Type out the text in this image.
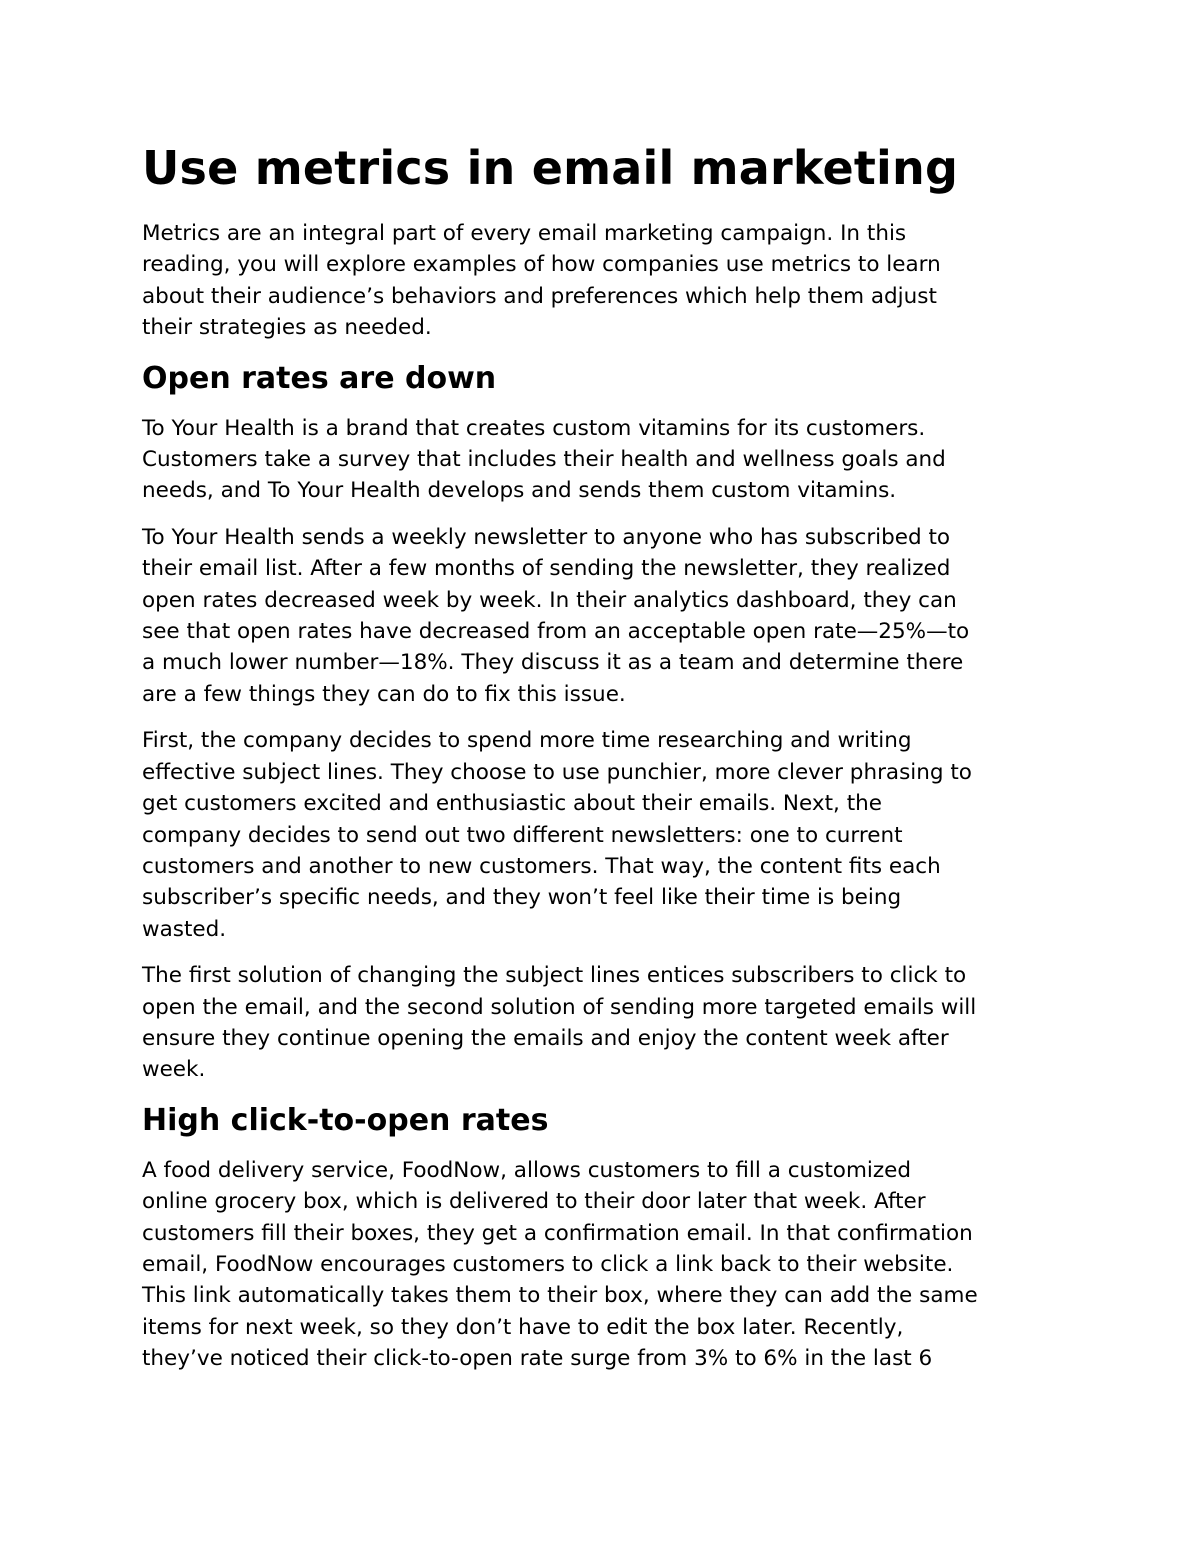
Use metrics in email marketing

Metrics are an integral part of every email marketing campaign. In this
reading, you will explore examples of how companies use metrics to learn
about their audience’s behaviors and preferences which help them adjust
their strategies as needed.

Open rates are down

To Your Health is a brand that creates custom vitamins for its customers.
Customers take a survey that includes their health and wellness goals and
needs, and To Your Health develops and sends them custom vitamins.

To Your Health sends a weekly newsletter to anyone who has subscribed to
their email list. After a few months of sending the newsletter, they realized
open rates decreased week by week. In their analytics dashboard, they can
see that open rates have decreased from an acceptable open rate—25%—to
a much lower number—18%. They discuss it as a team and determine there
are a few things they can do to fix this issue.

First, the company decides to spend more time researching and writing
effective subject lines. They choose to use punchier, more clever phrasing to
get customers excited and enthusiastic about their emails. Next, the
company decides to send out two different newsletters: one to current
customers and another to new customers. That way, the content fits each
subscriber’s specific needs, and they won’t feel like their time is being
wasted.

The first solution of changing the subject lines entices subscribers to click to
open the email, and the second solution of sending more targeted emails will
ensure they continue opening the emails and enjoy the content week after
week.

High click-to-open rates

A food delivery service, FoodNow, allows customers to fill a customized
online grocery box, which is delivered to their door later that week. After
customers fill their boxes, they get a confirmation email. In that confirmation
email, FoodNow encourages customers to click a link back to their website.
This link automatically takes them to their box, where they can add the same
items for next week, so they don’t have to edit the box later. Recently,
they’ve noticed their click-to-open rate surge from 3% to 6% in the last 6
